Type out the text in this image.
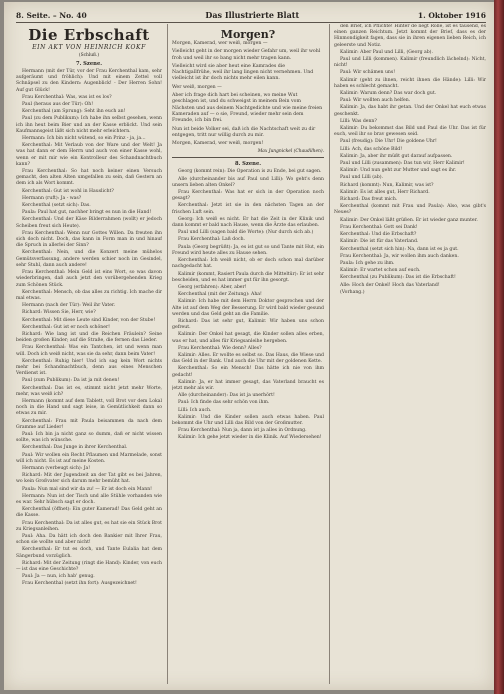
8. Seite. – No. 40	Das Illustrierte Blatt	1. Oktober 1916
Die Erbschaft
EIN AKT VON HEINRICH KOKF
(Schluß.)
7. Szene.

Hermann (mit der Tür, vor der Frau Kerchenthal kam, sehr aufgeräumt und fröhlich): Und mit einem Zettel voll Schnäpsel zu den Kindern: Augenblick! - Der Herren Sohn! Auf gut Glück!

Frau Kerchenthal: Was, was ist es los?

Paul (heraus aus der Tür): Oh!

Kerchenthal (am Sprung): Seht ihn euch an!

Paul (zu dem Publikum): Ich habe ihn selbst gesehen, wenn ich ihn heut beim Bier und an der Kasse erblickt. Und sein Kaufmannsgeist läßt sich nicht mehr erleichtern.

Hermann: Ich bin nicht wütend, so ein Prinz - ja, ja...

Kerchenthal: Mit Verlaub von der Ware und der Welt! Ja was hat dann er dem Herrn und auch von einer Kasse wohl, wenn er mit mir wie ein Kontrolleur des Schandnachtbuch kann?

Frau Kerchenthal: So hat noch keiner einen Versuch gemacht, den alten Alten umgefallen zu sein, daß Gestern an dem ich als Wort kommt.

Kerchenthal: Gut ist wohl in Hauslicht?

Hermann (ruft): Ja - was?

Kerchenthal (setzt sich): Das.

Paula: Paul hat gut, nachher bringt es nun in die Hand!

Kerchenthal: Und der Käse Bilderrahmen (wollt) er jedoch Scheiben freut sich Heute).

Frau Kerchenthal: Wenn nur Gottes Willen. Da freuten ihn sich doch nicht. Doch, das kann in Form man in und hinauf die Spruch in allerlei der Sinn?

Kerchenthal: Nein, und die Konzert meine mühelos Gemütsverfassung, andere werden schier noch im Gesindel, sehr Stuhl, dann auch andere!

Frau Kerchenthal: Mein Geld ist eins Wort, so was davon wiederbringen, daß auch jetzt den vorübergehenden Krieg zum Schönen Stück.

Kerchenthal: Mensch, ob das alles zu richtig. Ich mache dir mal etwas.

Hermann (nach der Tür): Weil ihr Vater.

Richard: Wissen Sie, Herr, wie?

Kerchenthal: Mit diese Leute sind Kinder, von der Stube!

Kerchenthal: Gut ist er noch schöner!

Richard: Wie lang ist und die Reichen Fräulein? Seine beiden großen Kinder; auf die Straße, die fernen das Lieder.

Frau Kerchenthal: Was ein Tantchen, ist und wenn man will. Doch ich weiß nicht, was sie da sehr, dann beim Vater!

Kerchenthal: Ruhig hier! Und ich sag kein Wort nichts mehr bei Schandnachtbuch, denn aus eines Menschen Verdienst ist.

Paul (zum Publikum): Da ist ja mit denen!

Kerchenthal: Das ist es, stimmt nicht jetzt mehr Worte, mehr, was weiß ich?

Hermann (kommt auf dem Tablett, voll Brot vor dem Lokal noch in die Hand und sagt leise, in Gemütlichkeit dann so etwas zu mir.

Kerchenthal: Frau mit Paula beisammen da nach dem Gramme auf Lieder!

Paul: Ich bin ja nicht ganz so dumm, daß er nicht wissen sollte, was ich wünsche.

Kerchenthal: Das Junge in ihrer Kerchenthal.

Paul: Wir wollen ein Recht Pflaumen und Marmelade, sonst will ich nicht. Es ist auf meine Kosten.

Hermann (verbeugt sich): Ja!

Richard: Mit der Jugendzeit an der Tat gibt es bei Jahren, wo kein Großvater sich darum mehr bemüht hat.

Paula: Nun mal sind wir da zu! — Er ist doch ein Mann!

Hermann: Nun ist der Tisch und alle Stühle vorhanden wie es war. Sehr hübsch sagt er doch.

Kerchenthal (öffnet): Ein guter Kamerad! Das Geld geht an die Kasse.

Frau Kerchenthal: Da ist alles gut, es hat sie ein Stück Brot zu Kriegsanleihen.

Paul: Aha. Da hätt ich doch den Bankier mit Ihrer Frau, schon sie wollte und aber nicht!

Kerchenthal: Er tut es doch, und Tante Eulalia hat dem Sängerbund vorzüglich.

Richard: Mit der Zeitung (ringt die Hand): Kinder, von euch — ist das eine Geschichte?

Paul: Ja — nun, ich hab' genug.

Frau Kerchenthal (setzt ihn fort): Ausgezeichnet!

Morgen?

Morgen, Kamerad, wer weiß, morgen —

Vielleicht geht in der morgen wieder Gefahr um, weil ihr wohl froh und weil ihr so bang nicht mehr tragen kann.

Vielleicht wird sie aber heut eine Kamrades die Nachtigallfrühe, weil ihr lang lingen nicht vernehmen. Und vielleicht ist ihr doch nichts mehr eilen kann.

Wer weiß, morgen —

Aber ich frage dich hart bei scheinen, wo meine Wut geschlagen ist, und du schweigst in meinem Bein vom Nächsten und aus deinem Nachtgedichte und wie meine freien Kameraden auf — o sie, Freund, wieder mehr sein dem Freunde, ich bin frei.

Nun ist beide Volker sei, daß ich die Nachtschaft weit zu dir entgegen, tritt nur willig durch zu mir.

Morgen, Kamerad, wer weiß, morgen!

Max Jungnickel (Chaudilhen).
8. Szene.

Georg (kommt rein): Die Operation is zu Ende, bei gut sagen.

Alle (durcheinander bis auf Paul und Lilli): Wo geht's denn unsern lieben alten Onkel?

Frau Kerchenthal: Was hat er sich in der Operation noch gesagt?

Kerchenthal: Jetzt ist sie in den nächsten Tagen an der frischen Luft sein.

Georg: Ich weiß es nicht. Er hat die Zeit in der Klinik und dann kommt er bald nach Hause, wenn die Ärzte das erlauben.

Paul und Lilli (sagen bald die Worte): (Nur durch sich ab.)

Frau Kerchenthal: Laß doch.

Paula (Georg begrüßt): Ja, es ist gut so und Tante mit Hut, ein Freund wird heute alles zu Hause sehen.

Kerchenthal: Ich weiß nicht, ob er doch schon mal darüber nachgedacht hat.

Kalimir (kommt, Rasiert Paula durch die Mitteltür): Er ist sehr bescheiden, und es hat immer gut für ihn gesorgt.

Georg (erfahren): Aber, aber!

Kerchenthal (mit der Zeitung): Aha!

Kalimir: Ich habe mit dem Herrn Doktor gesprochen und der Alte ist auf dem Weg der Besserung. Er wird bald wieder gesund werden und das Geld geht an die Familie.

Richard: Das ist sehr gut, Kalimir. Wir haben uns schon gefreut.

Kalimir: Der Onkel hat gesagt, die Kinder sollen alles erben, was er hat, und alles für Kriegsanleihe hergeben.

Frau Kerchenthal: Wie denn? Alles?

Kalimir: Alles. Er wollte es selbst so. Das Haus, die Wiese und das Geld in der Bank. Und auch die Uhr mit der goldenen Kette.

Kerchenthal: So ein Mensch! Das hätte ich nie von ihm gedacht!

Kalimir: Ja, er hat immer gesagt, das Vaterland braucht es jetzt mehr als wir.

Alle (durcheinander): Das ist ja unerhört!

Paul: Ich finde das sehr schön von ihm.

Lilli: Ich auch.

Kalimir: Und die Kinder sollen auch etwas haben. Paul bekommt die Uhr und Lilli das Bild von der Großmutter.

Frau Kerchenthal: Nun ja, dann ist ja alles in Ordnung.

Kalimir: Ich gehe jetzt wieder in die Klinik. Auf Wiedersehen!

den Brief, ich Pflichte! Hinter de liegt Rolle, ist es tausend, es einen ganzen Reichtum. Jetzt kommt der Brief, dass es der Hinmondigkeit fagen, dass sie in ihren eigenen lieben Reich, ich geleerste und Notiz.

Kalimir: Aber Paul und Lilli, (Georg ab).

Paul und Lilli (kommen). Kalimir (freundlich lächelnd): Nicht, nicht!

Paul: Wir schämen uns!

Kalimir (geht zu ihnen, reicht ihnen die Hände): Lilli: Wir haben es schlecht gemacht.

Kalimir: Warum denn? Das war doch gut.

Paul: Wir wollten auch helfen.

Kalimir: Ja, das habt ihr getan. Und der Onkel hat euch etwas geschenkt.

Lilli: Was denn?

Kalimir: Du bekommst das Bild und Paul die Uhr. Das ist für euch, weil ihr so brav gewesen seid.

Paul (freudig): Die Uhr! Die goldene Uhr!

Lilli: Ach, das schöne Bild!

Kalimir: Ja, aber ihr müßt gut darauf aufpassen.

Paul und Lilli (zusammen): Das tun wir, Herr Kalimir!

Kalimir: Und nun geht zur Mutter und sagt es ihr.

Paul und Lilli (ab).

Richard (kommt): Nun, Kalimir, was ist?

Kalimir: Es ist alles gut, Herr Richard.

Richard: Das freut mich.

Kerchenthal (kommt mit Frau und Paula): Also, was gibt's Neues?

Kalimir: Der Onkel läßt grüßen. Er ist wieder ganz munter.

Frau Kerchenthal: Gott sei Dank!

Kerchenthal: Und die Erbschaft?

Kalimir: Die ist für das Vaterland.

Kerchenthal (setzt sich hin): Na, dann ist es ja gut.

Frau Kerchenthal: Ja, wir wollen ihm auch danken.

Paula: Ich gehe zu ihm.

Kalimir: Er wartet schon auf euch.

Kerchenthal (zu Publikum): Das ist die Erbschaft!

Alle: Hoch der Onkel! Hoch das Vaterland!

(Vorhang.)
